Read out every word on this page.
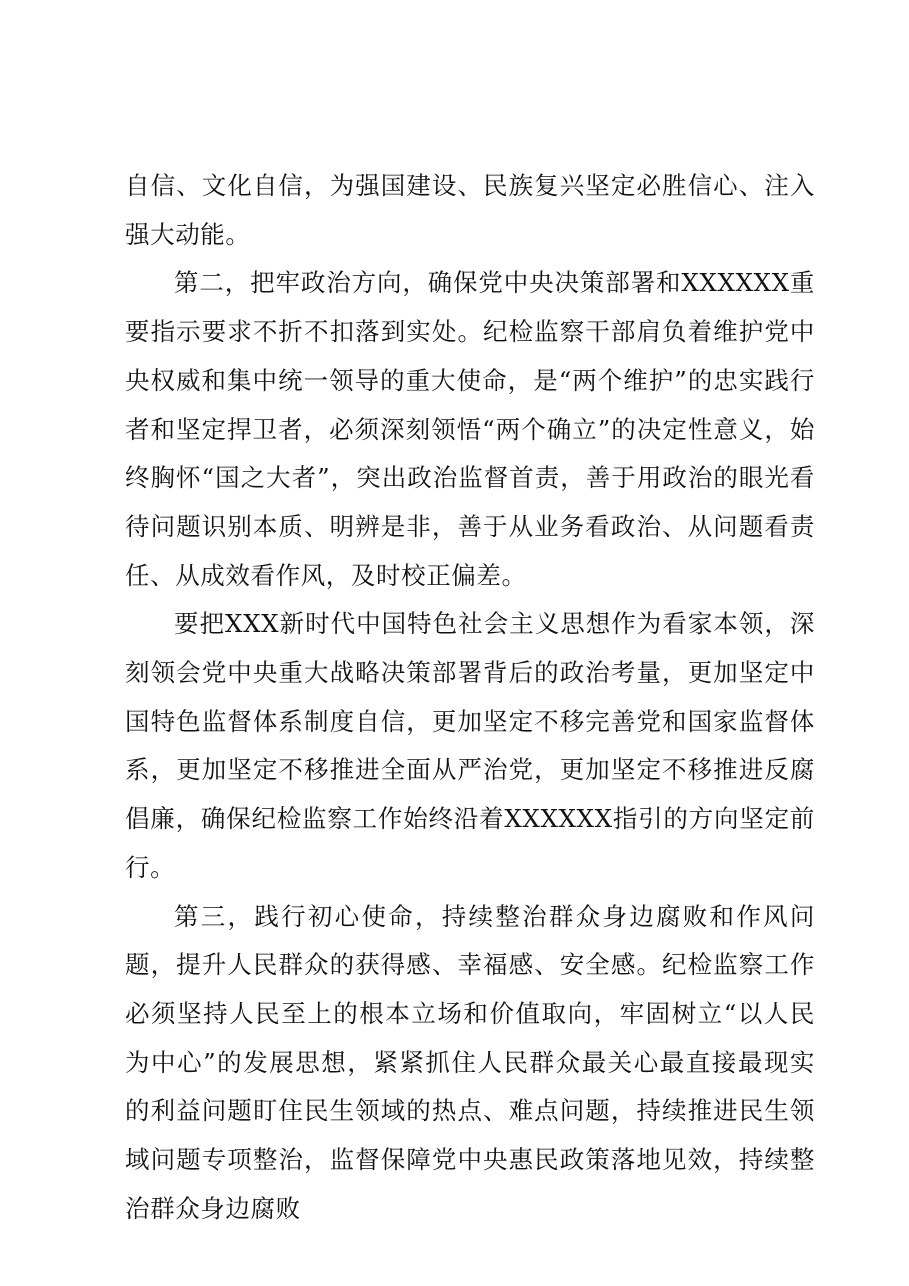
自信、文化自信，为强国建设、民族复兴坚定必胜信心、注入强大动能。

第二，把牢政治方向，确保党中央决策部署和XXXXXX重要指示要求不折不扣落到实处。纪检监察干部肩负着维护党中央权威和集中统一领导的重大使命，是“两个维护”的忠实践行者和坚定捍卫者，必须深刻领悟“两个确立”的决定性意义，始终胸怀“国之大者”，突出政治监督首责，善于用政治的眼光看待问题识别本质、明辨是非，善于从业务看政治、从问题看责任、从成效看作风，及时校正偏差。

要把XXX新时代中国特色社会主义思想作为看家本领，深刻领会党中央重大战略决策部署背后的政治考量，更加坚定中国特色监督体系制度自信，更加坚定不移完善党和国家监督体系，更加坚定不移推进全面从严治党，更加坚定不移推进反腐倡廉，确保纪检监察工作始终沿着XXXXXX指引的方向坚定前行。

第三，践行初心使命，持续整治群众身边腐败和作风问题，提升人民群众的获得感、幸福感、安全感。纪检监察工作必须坚持人民至上的根本立场和价值取向，牢固树立“以人民为中心”的发展思想，紧紧抓住人民群众最关心最直接最现实的利益问题盯住民生领域的热点、难点问题，持续推进民生领域问题专项整治，监督保障党中央惠民政策落地见效，持续整治群众身边腐败
